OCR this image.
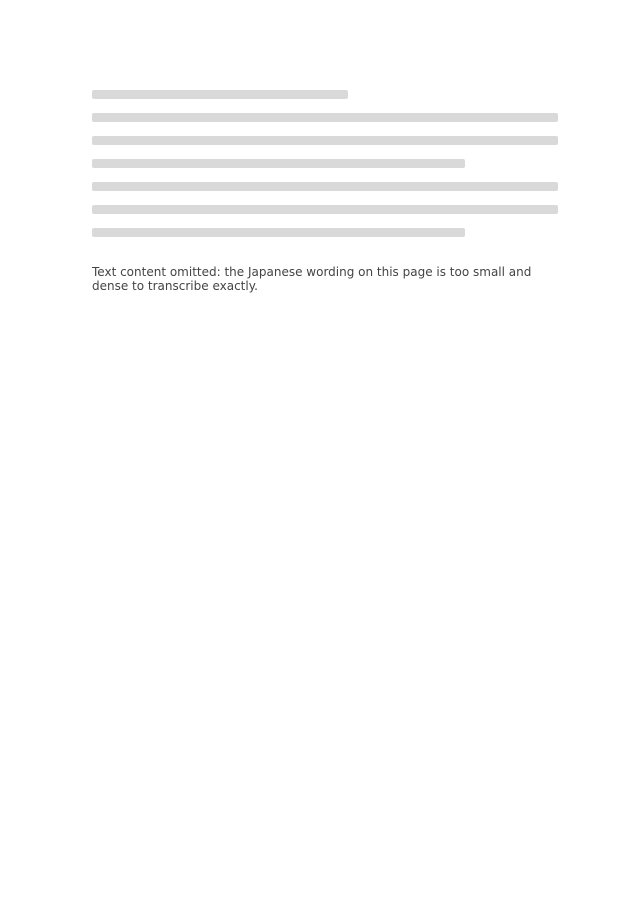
Text content omitted: the Japanese wording on this page is too small and dense to transcribe exactly.
